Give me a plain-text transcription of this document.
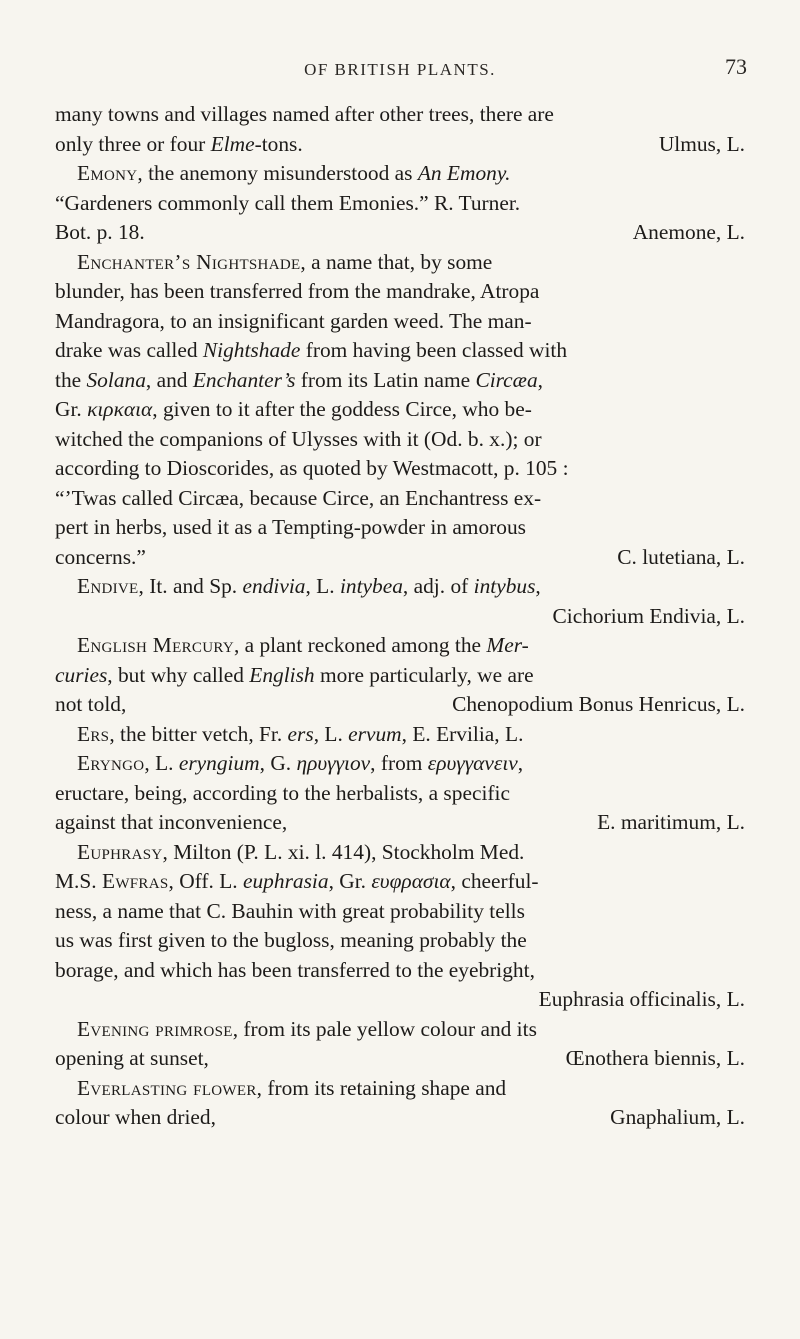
OF BRITISH PLANTS.	73
many towns and villages named after other trees, there are
only three or four Elme-tons.	Ulmus, L.
Emony, the anemony misunderstood as An Emony.
“Gardeners commonly call them Emonies.” R. Turner.
Bot. p. 18.	Anemone, L.
Enchanter’s Nightshade, a name that, by some
blunder, has been transferred from the mandrake, Atropa
Mandragora, to an insignificant garden weed. The man-
drake was called Nightshade from having been classed with
the Solana, and Enchanter’s from its Latin name Circæa,
Gr. κιρκαια, given to it after the goddess Circe, who be-
witched the companions of Ulysses with it (Od. b. x.); or
according to Dioscorides, as quoted by Westmacott, p. 105 :
“’Twas called Circæa, because Circe, an Enchantress ex-
pert in herbs, used it as a Tempting-powder in amorous
concerns.”	C. lutetiana, L.
Endive, It. and Sp. endivia, L. intybea, adj. of intybus,
Cichorium Endivia, L.
English Mercury, a plant reckoned among the Mer-
curies, but why called English more particularly, we are
not told,	Chenopodium Bonus Henricus, L.
Ers, the bitter vetch, Fr. ers, L. ervum, E. Ervilia, L.
Eryngo, L. eryngium, G. ηρυγγιον, from ερυγγανειν,
eructare, being, according to the herbalists, a specific
against that inconvenience,	E. maritimum, L.
Euphrasy, Milton (P. L. xi. l. 414), Stockholm Med.
M.S. Ewfras, Off. L. euphrasia, Gr. ευφρασια, cheerful-
ness, a name that C. Bauhin with great probability tells
us was first given to the bugloss, meaning probably the
borage, and which has been transferred to the eyebright,
Euphrasia officinalis, L.
Evening primrose, from its pale yellow colour and its
opening at sunset,	Œnothera biennis, L.
Everlasting flower, from its retaining shape and
colour when dried,	Gnaphalium, L.
